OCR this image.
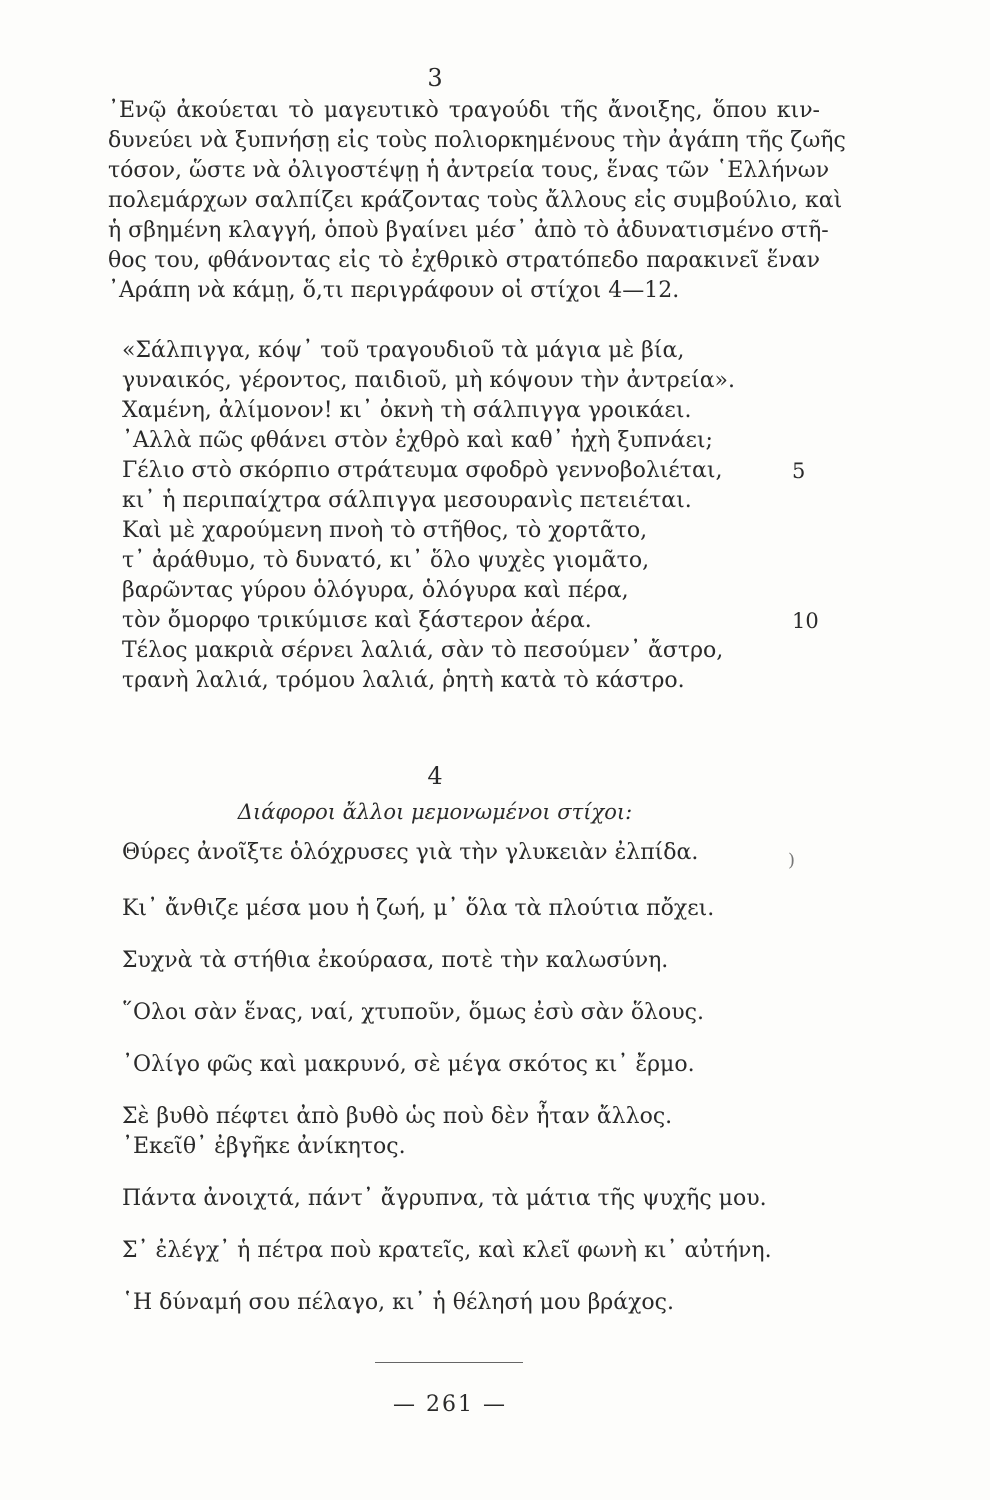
3
᾿Ενῷ ἀκούεται τὸ μαγευτικὸ τραγούδι τῆς ἄνοιξης, ὅπου κιν-
δυνεύει νὰ ξυπνήσῃ εἰς τοὺς πολιορκημένους τὴν ἀγάπη τῆς ζωῆς
τόσον, ὥστε νὰ ὀλιγοστέψῃ ἡ ἀντρεία τους, ἕνας τῶν ῾Ελλήνων
πολεμάρχων σαλπίζει κράζοντας τοὺς ἄλλους εἰς συμβούλιο, καὶ
ἡ σβημένη κλαγγή, ὁποὺ βγαίνει μέσ᾿ ἀπὸ τὸ ἀδυνατισμένο στῆ-
θος του, φθάνοντας εἰς τὸ ἐχθρικὸ στρατόπεδο παρακινεῖ ἕναν
᾿Αράπη νὰ κάμῃ, ὅ,τι περιγράφουν οἱ στίχοι 4—12.
«Σάλπιγγα, κόψ᾿ τοῦ τραγουδιοῦ τὰ μάγια μὲ βία,
γυναικός, γέροντος, παιδιοῦ, μὴ κόψουν τὴν ἀντρεία».
Χαμένη, ἀλίμονον! κι᾿ ὀκνὴ τὴ σάλπιγγα γροικάει.
᾿Αλλὰ πῶς φθάνει στὸν ἐχθρὸ καὶ καθ᾿ ἠχὴ ξυπνάει;
Γέλιο στὸ σκόρπιο στράτευμα σφοδρὸ γεννοβολιέται,	5
κι᾿ ἡ περιπαίχτρα σάλπιγγα μεσουρανὶς πετειέται.
Καὶ μὲ χαρούμενη πνοὴ τὸ στῆθος, τὸ χορτᾶτο,
τ᾿ ἀράθυμο, τὸ δυνατό, κι᾿ ὅλο ψυχὲς γιομᾶτο,
βαρῶντας γύρου ὁλόγυρα, ὁλόγυρα καὶ πέρα,
τὸν ὄμορφο τρικύμισε καὶ ξάστερον ἀέρα.	10
Τέλος μακριὰ σέρνει λαλιά, σὰν τὸ πεσούμεν᾿ ἄστρο,
τρανὴ λαλιά, τρόμου λαλιά, ῥητὴ κατὰ τὸ κάστρο.
4
Διάφοροι ἄλλοι μεμονωμένοι στίχοι:
Θύρες ἀνοῖξτε ὁλόχρυσες γιὰ τὴν γλυκειὰν ἐλπίδα.
Κι᾿ ἄνθιζε μέσα μου ἡ ζωή, μ᾿ ὅλα τὰ πλούτια πὄχει.
Συχνὰ τὰ στήθια ἐκούρασα, ποτὲ τὴν καλωσύνη.
῞Ολοι σὰν ἕνας, ναί, χτυποῦν, ὅμως ἐσὺ σὰν ὅλους.
᾿Ολίγο φῶς καὶ μακρυνό, σὲ μέγα σκότος κι᾿ ἔρμο.
Σὲ βυθὸ πέφτει ἀπὸ βυθὸ ὡς ποὺ δὲν ἦταν ἄλλος.
᾿Εκεῖθ᾿ ἐβγῆκε ἀνίκητος.
Πάντα ἀνοιχτά, πάντ᾿ ἄγρυπνα, τὰ μάτια τῆς ψυχῆς μου.
Σ᾿ ἐλέγχ᾿ ἡ πέτρα ποὺ κρατεῖς, καὶ κλεῖ φωνὴ κι᾿ αὐτήνη.
῾Η δύναμή σου πέλαγο, κι᾿ ἡ θέλησή μου βράχος.
)
— 261 —
